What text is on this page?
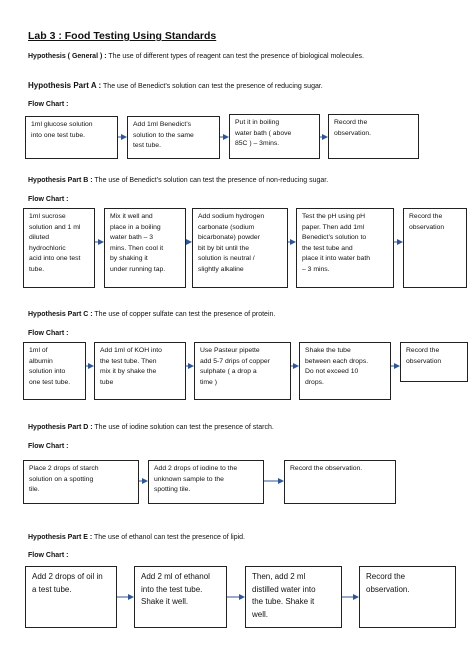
Lab 3 : Food Testing Using Standards
Hypothesis ( General ) : The use of different types of reagent can test the presence of biological molecules.
Hypothesis Part A : The use of Benedict’s solution can test the presence of reducing sugar.
Flow Chart :
1ml glucose solution
into one test tube.
Add 1ml Benedict’s
solution to the same
test tube.
Put it in boiling
water bath ( above
85C ) – 3mins.
Record the
observation.
Hypothesis Part B : The use of Benedict’s solution can test the presence of non-reducing sugar.
Flow Chart :
1ml sucrose
solution and 1 ml
diluted
hydrochloric
acid into one test
tube.
Mix it well and
place in a boiling
water bath – 3
mins. Then cool it
by shaking it
under running tap.
Add sodium hydrogen
carbonate (sodium
bicarbonate) powder
bit by bit until the
solution is neutral /
slightly alkaline
Test the pH using pH
paper. Then add 1ml
Benedict’s solution to
the test tube and
place it into water bath
– 3 mins.
Record the
observation
Hypothesis Part C : The use of copper sulfate can test the presence of protein.
Flow Chart :
1ml of
albumin
solution into
one test tube.
Add 1ml of KOH into
the test tube. Then
mix it by shake the
tube
Use Pasteur pipette
add 5-7 drips of copper
sulphate ( a drop a
time )
Shake the tube
between each drops.
Do not exceed 10
drops.
Record the
observation
Hypothesis Part D : The use of iodine solution can test the presence of starch.
Flow Chart :
Place 2 drops of starch
solution on a spotting
tile.
Add 2 drops of iodine to the
unknown sample to the
spotting tile.
Record the observation.
Hypothesis Part E : The use of ethanol can test the presence of lipid.
Flow Chart :
Add 2 drops of oil in
a test tube.
Add 2 ml of ethanol
into the test tube.
Shake it well.
Then, add 2 ml
distilled water into
the tube. Shake it
well.
Record the
observation.
